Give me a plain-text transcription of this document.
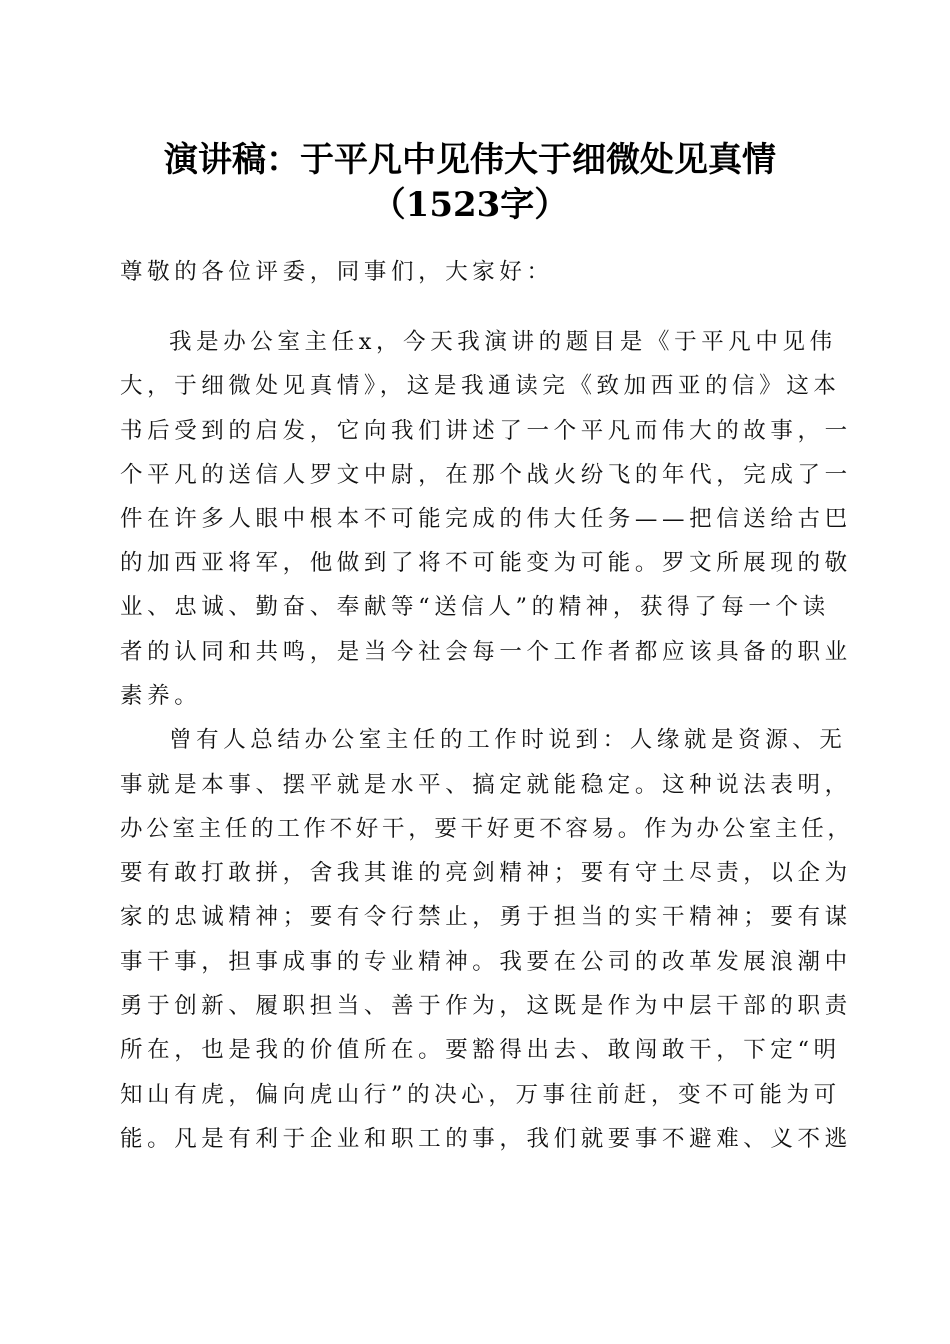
演讲稿：于平凡中见伟大于细微处见真情
（1523字）
尊敬的各位评委，同事们，大家好：
我是办公室主任x，今天我演讲的题目是《于平凡中见伟
大，于细微处见真情》，这是我通读完《致加西亚的信》这本
书后受到的启发，它向我们讲述了一个平凡而伟大的故事，一
个平凡的送信人罗文中尉，在那个战火纷飞的年代，完成了一
件在许多人眼中根本不可能完成的伟大任务——把信送给古巴
的加西亚将军，他做到了将不可能变为可能。罗文所展现的敬
业、忠诚、勤奋、奉献等“送信人”的精神，获得了每一个读
者的认同和共鸣，是当今社会每一个工作者都应该具备的职业
素养。
曾有人总结办公室主任的工作时说到：人缘就是资源、无
事就是本事、摆平就是水平、搞定就能稳定。这种说法表明，
办公室主任的工作不好干，要干好更不容易。作为办公室主任，
要有敢打敢拼，舍我其谁的亮剑精神；要有守土尽责，以企为
家的忠诚精神；要有令行禁止，勇于担当的实干精神；要有谋
事干事，担事成事的专业精神。我要在公司的改革发展浪潮中
勇于创新、履职担当、善于作为，这既是作为中层干部的职责
所在，也是我的价值所在。要豁得出去、敢闯敢干，下定“明
知山有虎，偏向虎山行”的决心，万事往前赶，变不可能为可
能。凡是有利于企业和职工的事，我们就要事不避难、义不逃
